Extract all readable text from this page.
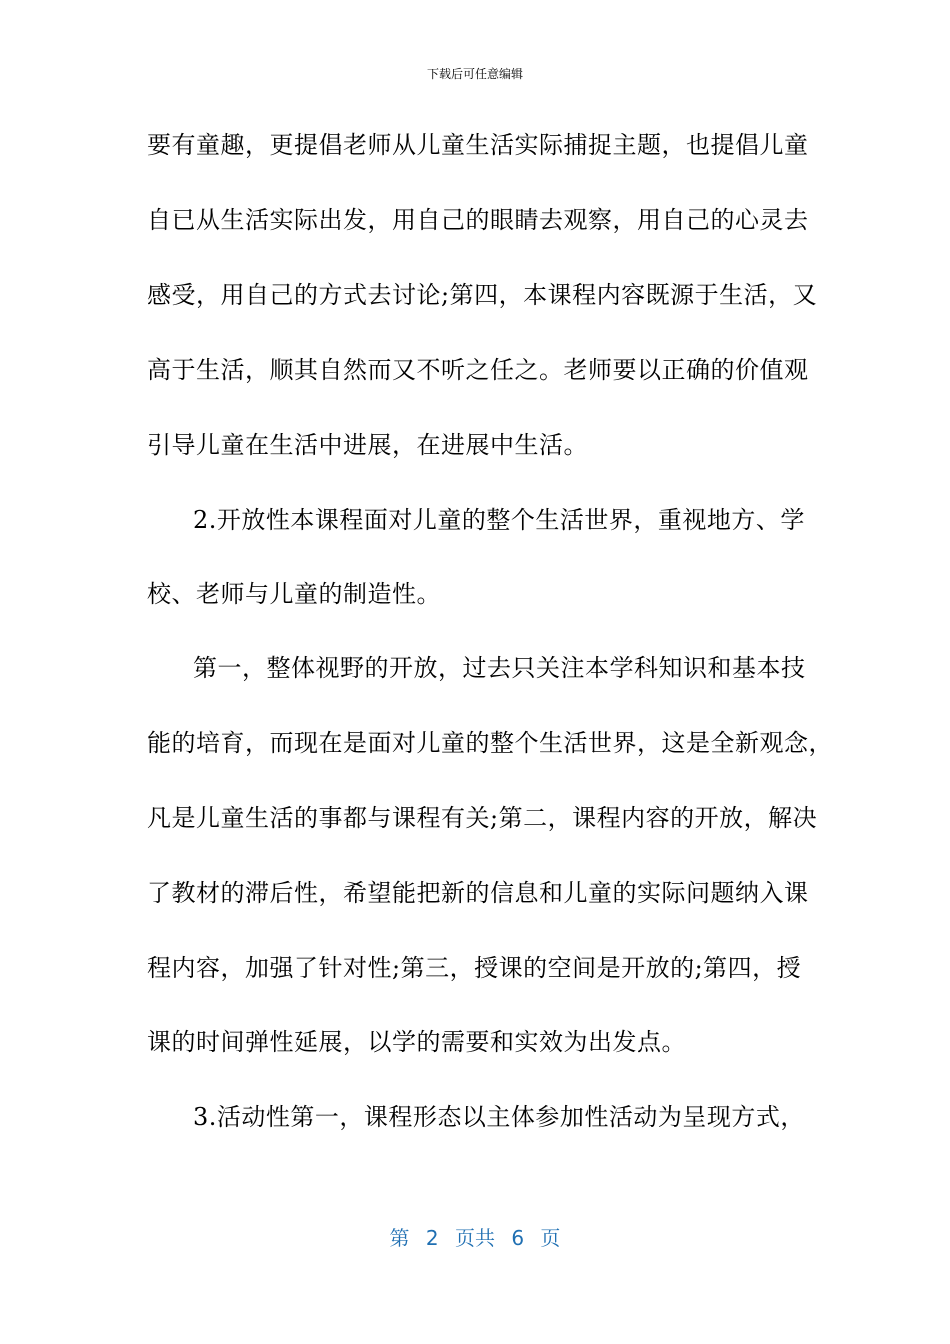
下载后可任意编辑
要有童趣，更提倡老师从儿童生活实际捕捉主题，也提倡儿童
自已从生活实际出发，用自己的眼睛去观察，用自己的心灵去
感受，用自己的方式去讨论;第四，本课程内容既源于生活，又
高于生活，顺其自然而又不听之任之。老师要以正确的价值观
引导儿童在生活中进展，在进展中生活。
2.开放性本课程面对儿童的整个生活世界，重视地方、学
校、老师与儿童的制造性。
第一，整体视野的开放，过去只关注本学科知识和基本技
能的培育，而现在是面对儿童的整个生活世界，这是全新观念，
凡是儿童生活的事都与课程有关;第二，课程内容的开放，解决
了教材的滞后性，希望能把新的信息和儿童的实际问题纳入课
程内容，加强了针对性;第三，授课的空间是开放的;第四，授
课的时间弹性延展，以学的需要和实效为出发点。
3.活动性第一，课程形态以主体参加性活动为呈现方式，
第 2 页共 6 页
